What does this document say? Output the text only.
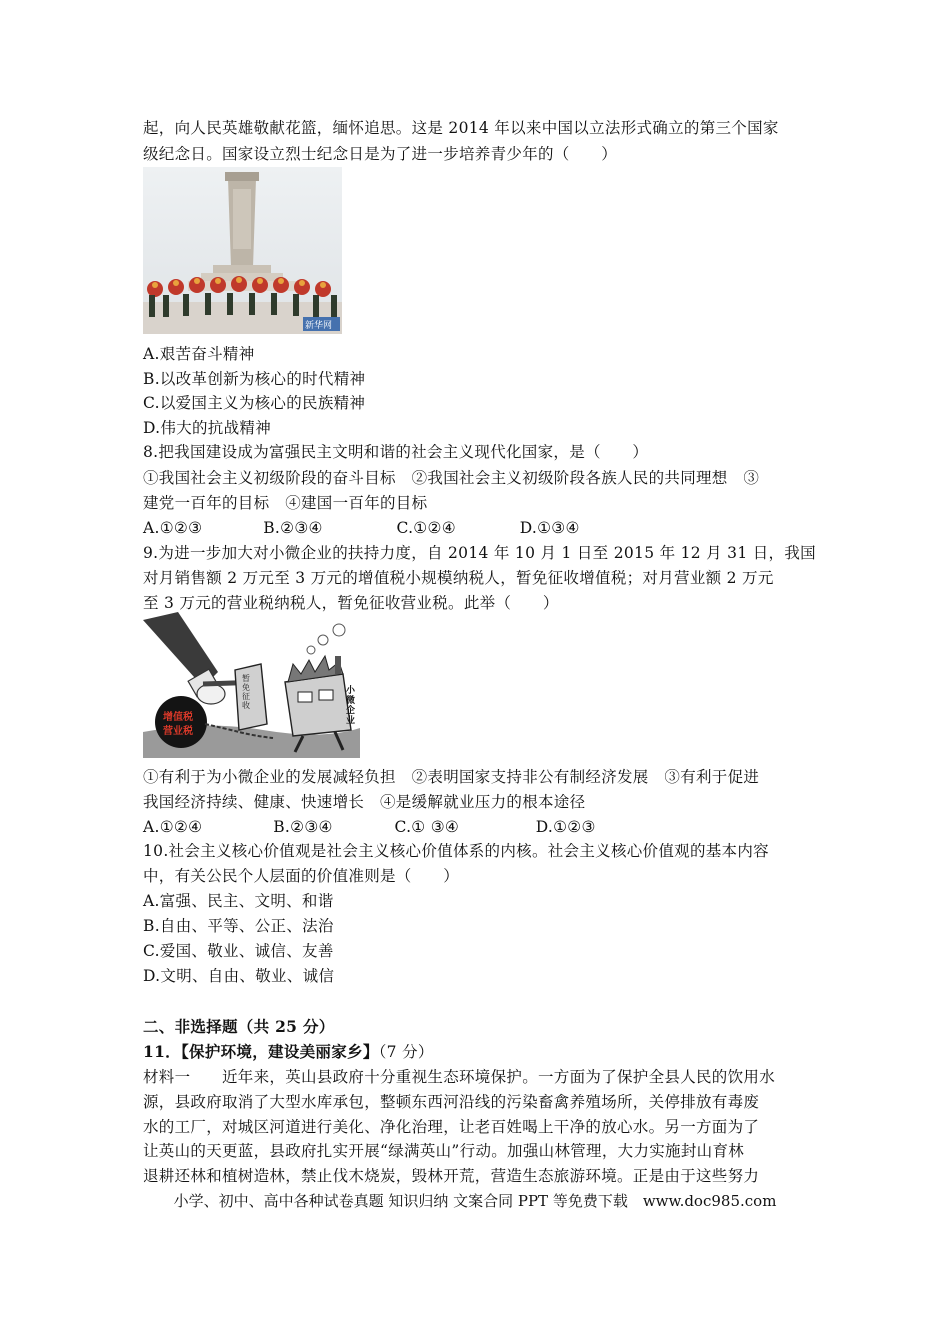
起，向人民英雄敬献花篮，缅怀追思。这是 2014 年以来中国以立法形式确立的第三个国家
级纪念日。国家设立烈士纪念日是为了进一步培养青少年的（　　）
新华网
A.艰苦奋斗精神
B.以改革创新为核心的时代精神
C.以爱国主义为核心的民族精神
D.伟大的抗战精神
8.把我国建设成为富强民主文明和谐的社会主义现代化国家，是（　　）
①我国社会主义初级阶段的奋斗目标　②我国社会主义初级阶段各族人民的共同理想　③
建党一百年的目标　④建国一百年的目标
A.①②③	B.②③④	C.①②④	D.①③④
9.为进一步加大对小微企业的扶持力度，自 2014 年 10 月 1 日至 2015 年 12 月 31 日，我国
对月销售额 2 万元至 3 万元的增值税小规模纳税人，暂免征收增值税；对月营业额 2 万元
至 3 万元的营业税纳税人，暂免征收营业税。此举（　　）
暂免征收
增值税
营业税
小微企业
①有利于为小微企业的发展减轻负担　②表明国家支持非公有制经济发展　③有利于促进
我国经济持续、健康、快速增长　④是缓解就业压力的根本途径
A.①②④	B.②③④	C.① ③④	D.①②③
10.社会主义核心价值观是社会主义核心价值体系的内核。社会主义核心价值观的基本内容
中，有关公民个人层面的价值准则是（　　）
A.富强、民主、文明、和谐
B.自由、平等、公正、法治
C.爱国、敬业、诚信、友善
D.文明、自由、敬业、诚信
二、非选择题（共 25 分）
11．【保护环境，建设美丽家乡】（7 分）
材料一　　近年来，英山县政府十分重视生态环境保护。一方面为了保护全县人民的饮用水
源，县政府取消了大型水库承包，整顿东西河沿线的污染畜禽养殖场所，关停排放有毒废
水的工厂，对城区河道进行美化、净化治理，让老百姓喝上干净的放心水。另一方面为了
让英山的天更蓝，县政府扎实开展“绿满英山”行动。加强山林管理，大力实施封山育林
退耕还林和植树造林，禁止伐木烧炭，毁林开荒，营造生态旅游环境。正是由于这些努力
小学、初中、高中各种试卷真题 知识归纳 文案合同 PPT 等免费下载　www.doc985.com
